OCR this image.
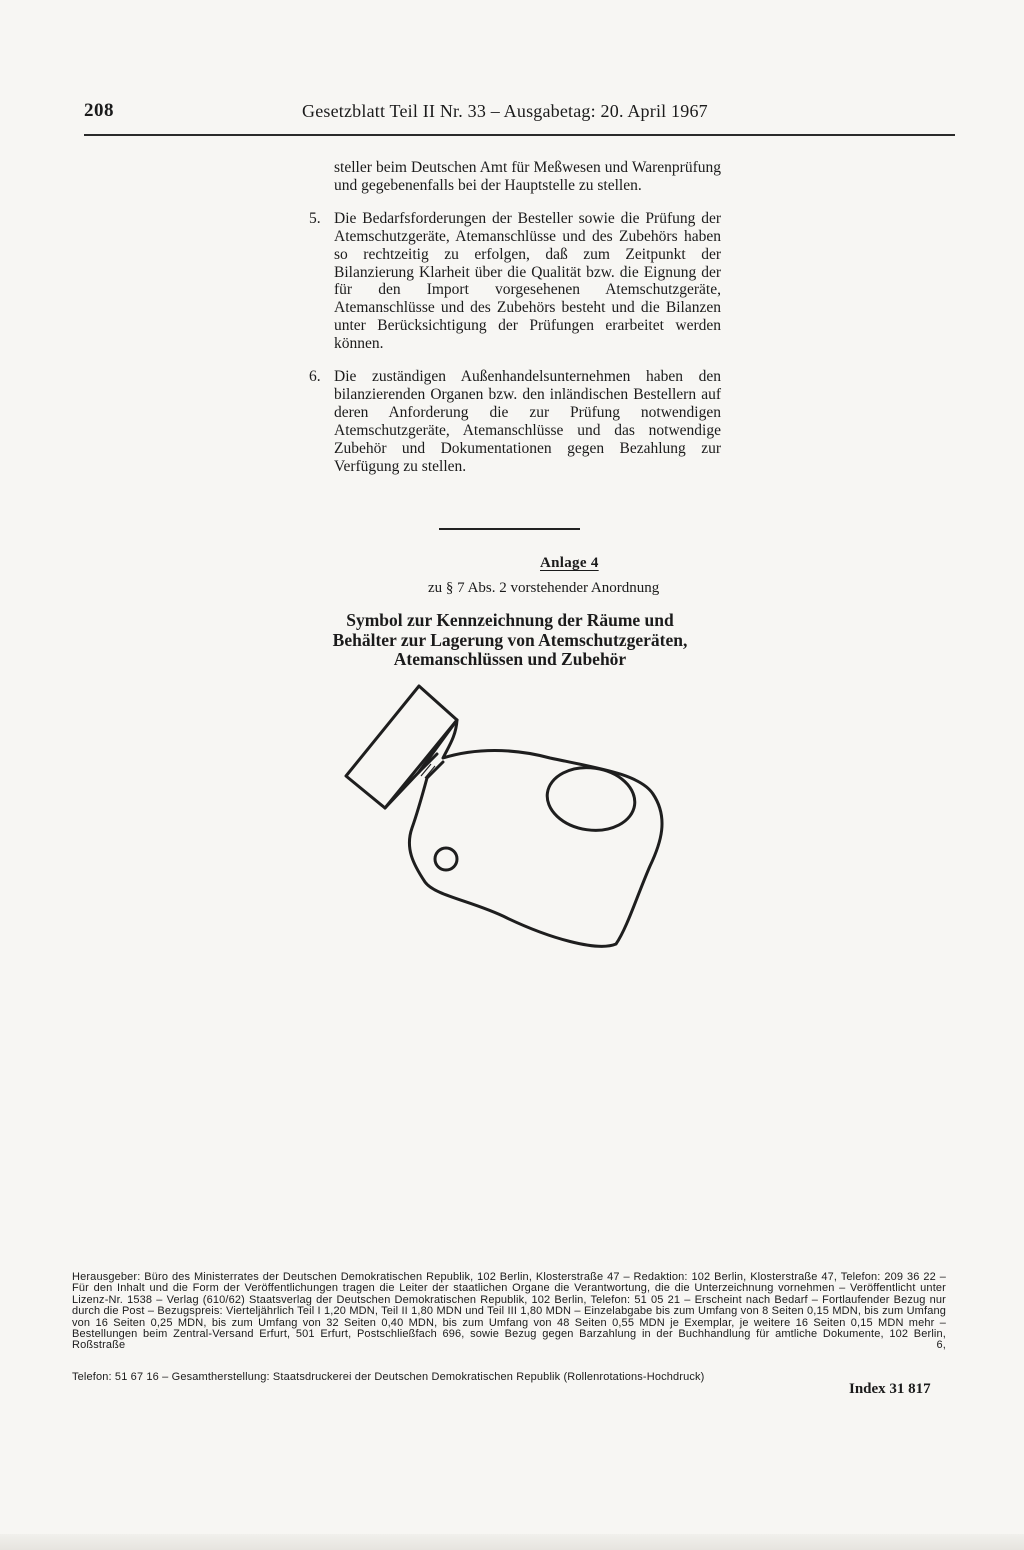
208	Gesetzblatt Teil II Nr. 33 – Ausgabetag: 20. April 1967

steller beim Deutschen Amt für Meßwesen und Warenprüfung und gegebenenfalls bei der Hauptstelle zu stellen.

5. Die Bedarfsforderungen der Besteller sowie die Prüfung der Atemschutzgeräte, Atemanschlüsse und des Zubehörs haben so rechtzeitig zu erfolgen, daß zum Zeitpunkt der Bilanzierung Klarheit über die Qualität bzw. die Eignung der für den Import vorgesehenen Atemschutzgeräte, Atemanschlüsse und des Zubehörs besteht und die Bilanzen unter Berücksichtigung der Prüfungen erarbeitet werden können.

6. Die zuständigen Außenhandelsunternehmen haben den bilanzierenden Organen bzw. den inländischen Bestellern auf deren Anforderung die zur Prüfung notwendigen Atemschutzgeräte, Atemanschlüsse und das notwendige Zubehör und Dokumentationen gegen Bezahlung zur Verfügung zu stellen.

Anlage 4
zu § 7 Abs. 2 vorstehender Anordnung
Symbol zur Kennzeichnung der Räume und
Behälter zur Lagerung von Atemschutzgeräten,
Atemanschlüssen und Zubehör
Herausgeber: Büro des Ministerrates der Deutschen Demokratischen Republik, 102 Berlin, Klosterstraße 47 – Redaktion: 102 Berlin, Klosterstraße 47, Telefon: 209 36 22 – Für den Inhalt und die Form der Veröffentlichungen tragen die Leiter der staatlichen Organe die Verantwortung, die die Unterzeichnung vornehmen – Veröffentlicht unter Lizenz-Nr. 1538 – Verlag (610/62) Staatsverlag der Deutschen Demokratischen Republik, 102 Berlin, Telefon: 51 05 21 – Erscheint nach Bedarf – Fortlaufender Bezug nur durch die Post – Bezugspreis: Vierteljährlich Teil I 1,20 MDN, Teil II 1,80 MDN und Teil III 1,80 MDN – Einzelabgabe bis zum Umfang von 8 Seiten 0,15 MDN, bis zum Umfang von 16 Seiten 0,25 MDN, bis zum Umfang von 32 Seiten 0,40 MDN, bis zum Umfang von 48 Seiten 0,55 MDN je Exemplar, je weitere 16 Seiten 0,15 MDN mehr – Bestellungen beim Zentral-Versand Erfurt, 501 Erfurt, Postschließfach 696, sowie Bezug gegen Barzahlung in der Buchhandlung für amtliche Dokumente, 102 Berlin, Roßstraße 6,
Telefon: 51 67 16 – Gesamtherstellung: Staatsdruckerei der Deutschen Demokratischen Republik (Rollenrotations-Hochdruck)
Index 31 817
